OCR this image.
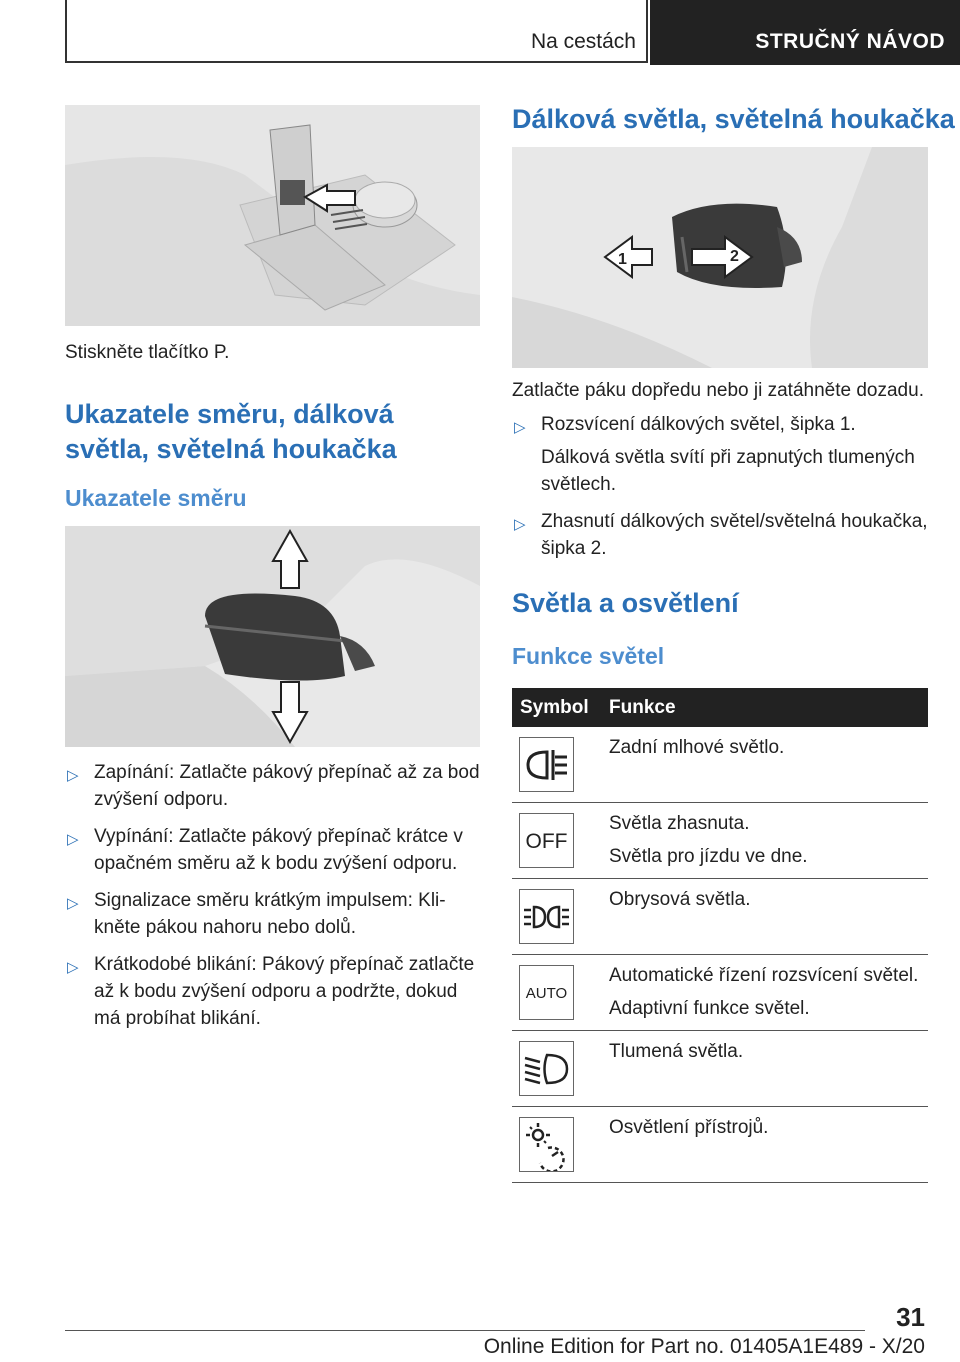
Na cestách	STRUČNÝ NÁVOD
Stiskněte tlačítko P.
Ukazatele směru, dálková světla, světelná houkačka
Ukazatele směru
▷ Zapínání: Zatlačte pákový přepínač až za bod zvýšení odporu.
▷ Vypínání: Zatlačte pákový přepínač krátce v opačném směru až k bodu zvýšení odporu.
▷ Signalizace směru krátkým impulsem: Kli-kněte pákou nahoru nebo dolů.
▷ Krátkodobé blikání: Pákový přepínač zatlačte až k bodu zvýšení odporu a podržte, dokud má probíhat blikání.
Dálková světla, světelná houkačka
1	2
Zatlačte páku dopředu nebo ji zatáhněte dozadu.
▷ Rozsvícení dálkových světel, šipka 1.
Dálková světla svítí při zapnutých tlumených světlech.
▷ Zhasnutí dálkových světel/světelná houkačka, šipka 2.
Světla a osvětlení
Funkce světel
Symbol Funkce

Zadní mlhové světlo.

OFF

Světla zhasnuta.

Světla pro jízdu ve dne.

Obrysová světla.

AUTO

Automatické řízení rozsvícení světel.

Adaptivní funkce světel.

Tlumená světla.

Osvětlení přístrojů.

31
Online Edition for Part no. 01405A1E489 - X/20
